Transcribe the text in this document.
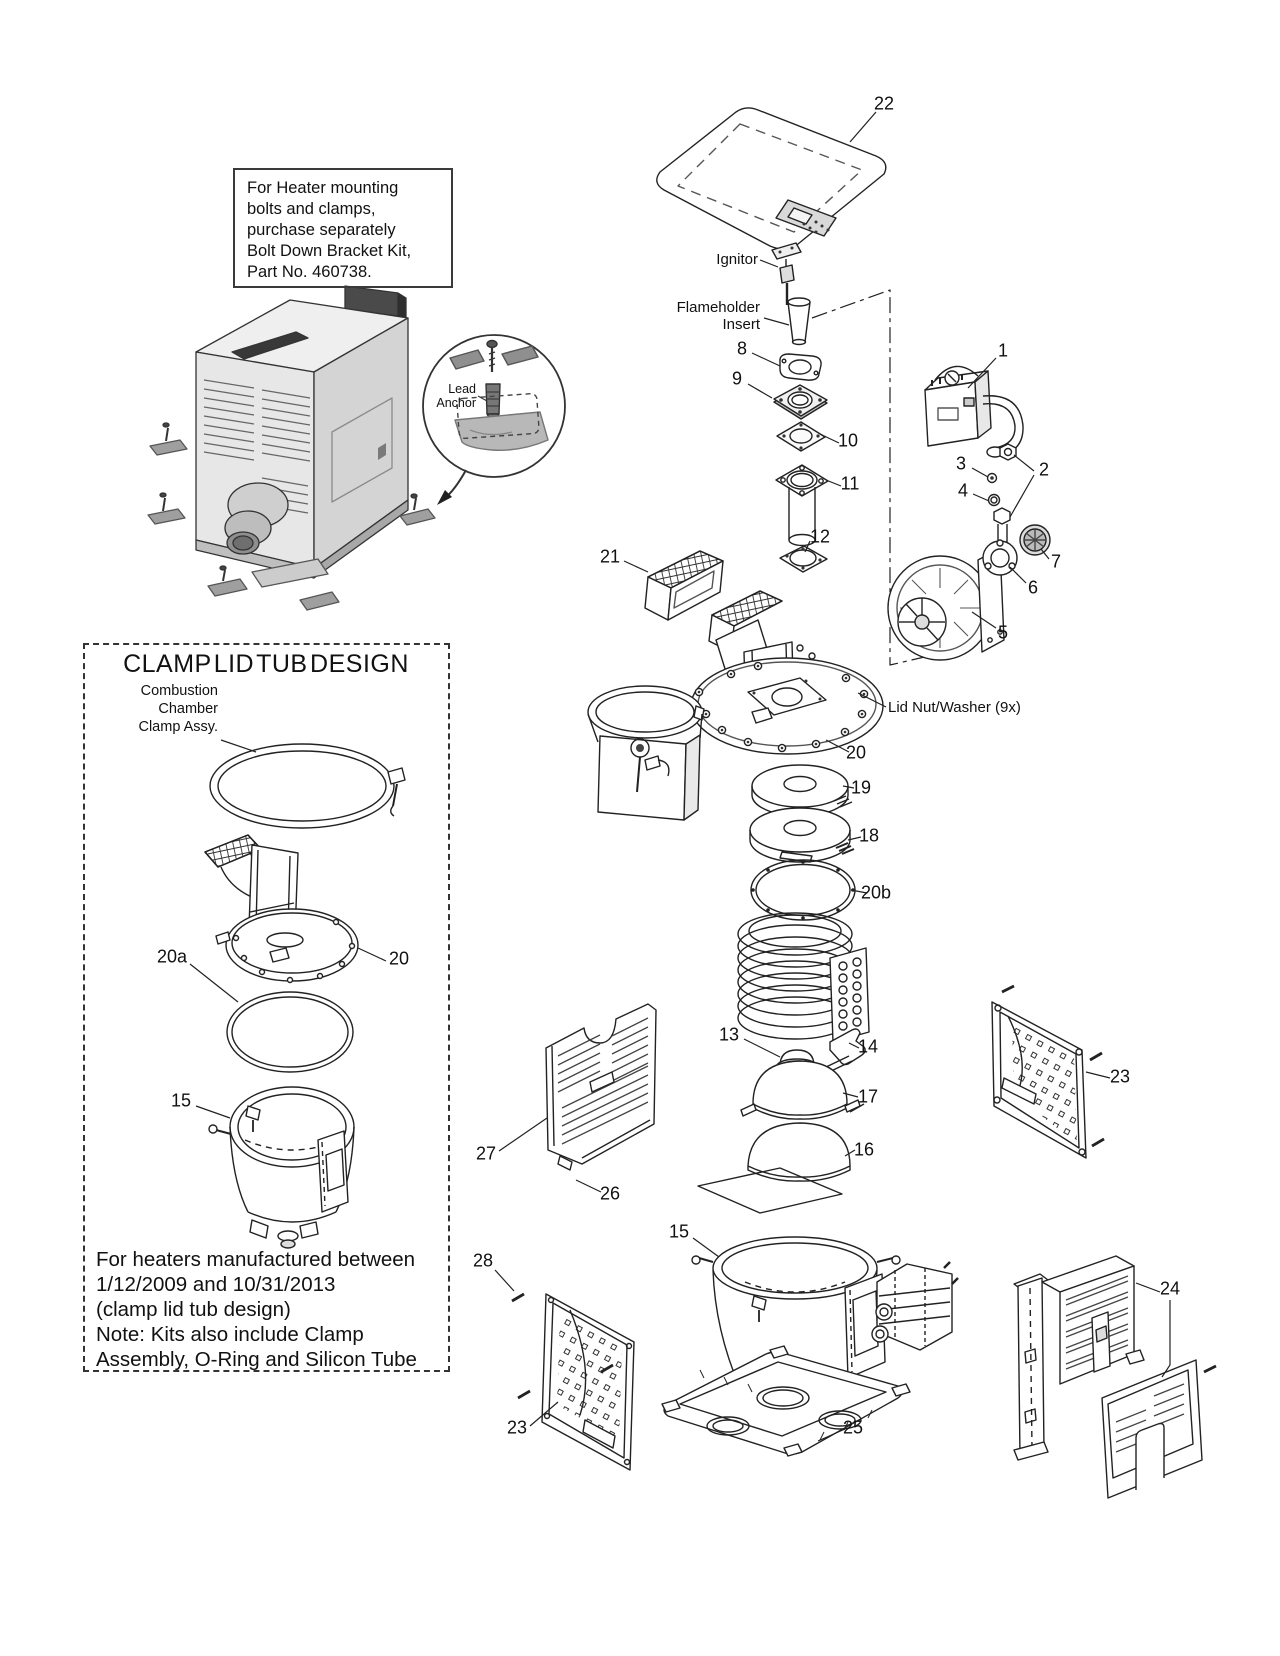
For Heater mounting
bolts and clamps,
purchase separately
Bolt Down Bracket Kit,
Part No. 460738.
Lead
Anchor
CLAMP LID TUB DESIGN
Combustion
Chamber
Clamp Assy.
For heaters manufactured between
1/12/2009 and 10/31/2013
(clamp lid tub design)
Note: Kits also include Clamp
Assembly, O-Ring and Silicon Tube
Ignitor
Flameholder
Insert
Lid Nut/Washer (9x)
22
8
9
10
11
12
1
2
3
4
5
6
7
21
20
19
18
20b
13
14
17
16
27
26
23
28
23
15
25
24
20a	20
15
